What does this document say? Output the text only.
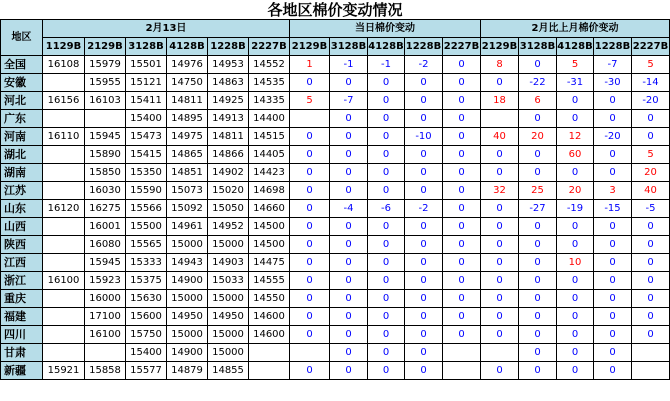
各地区棉价变动情况
地区	2月13日						当日棉价变动					2月比上月棉价变动				
	1129B	2129B	3128B	4128B	1228B	2227B	2129B	3128B	4128B	1228B	2227B	2129B	3128B	4128B	1228B	2227B
全国	16108	15979	15501	14976	14953	14552	1	-1	-1	-2	0	8	0	5	-7	5
安徽		15955	15121	14750	14863	14535	0	0	0	0	0	0	-22	-31	-30	-14
河北	16156	16103	15411	14811	14925	14335	5	-7	0	0	0	18	6	0	0	-20
广东			15400	14895	14913	14400		0	0	0	0		0	0	0	0
河南	16110	15945	15473	14975	14811	14515	0	0	0	-10	0	40	20	12	-20	0
湖北		15890	15415	14865	14866	14405	0	0	0	0	0	0	0	60	0	5
湖南		15850	15350	14851	14902	14423	0	0	0	0	0	0	0	0	0	20
江苏		16030	15590	15073	15020	14698	0	0	0	0	0	32	25	20	3	40
山东	16120	16275	15566	15092	15050	14660	0	-4	-6	-2	0	0	-27	-19	-15	-5
山西		16001	15500	14961	14952	14500	0	0	0	0	0	0	0	0	0	0
陕西		16080	15565	15000	15000	14500	0	0	0	0	0	0	0	0	0	0
江西		15945	15333	14943	14903	14475	0	0	0	0	0	0	0	10	0	0
浙江	16100	15923	15375	14900	15033	14555	0	0	0	0	0	0	0	0	0	0
重庆		16000	15630	15000	15000	14550	0	0	0	0	0	0	0	0	0	0
福建		17100	15600	14950	14950	14600	0	0	0	0	0	0	0	0	0	0
四川		16100	15750	15000	15000	14600	0	0	0	0	0	0	0	0	0	0
甘肃			15400	14900	15000			0	0	0			0	0	0	
新疆	15921	15858	15577	14879	14855		0	0	0	0		0	0	0	0	
